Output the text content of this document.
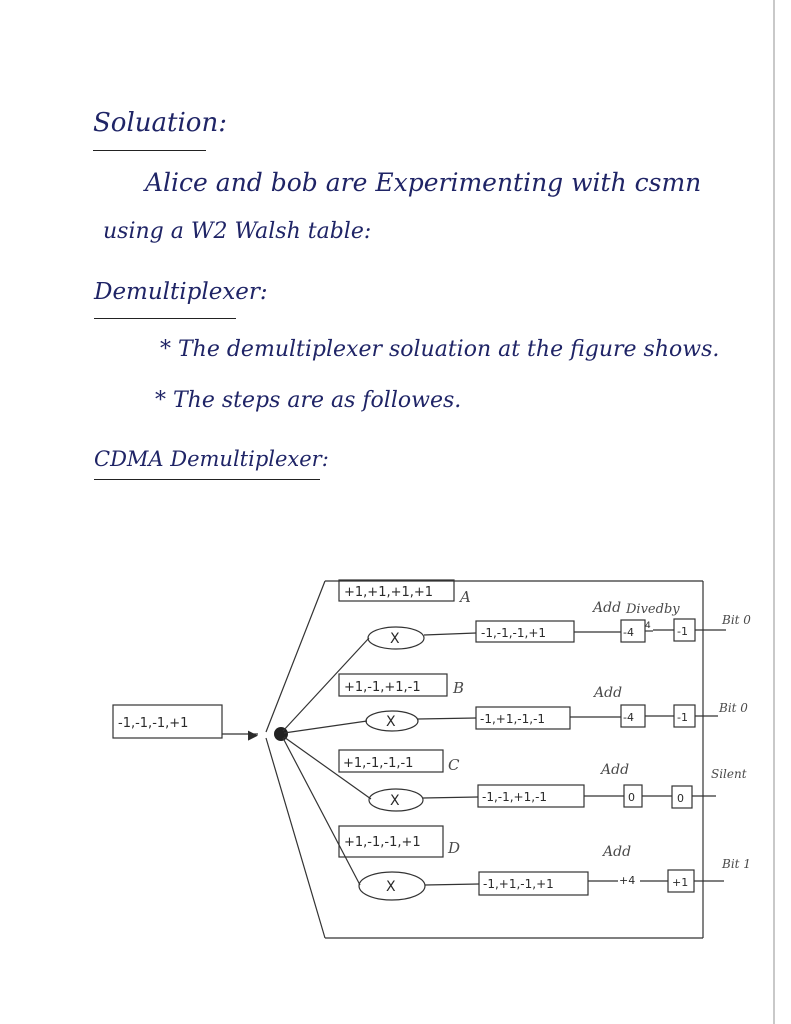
Soluation:
Alice and bob are Experimenting with csmn
using a W2 Walsh table:
Demultiplexer:
* The demultiplexer soluation at the figure shows.
* The steps are as followes.
CDMA Demultiplexer:
-1,-1,-1,+1
▶
Divedby
+1,+1,+1,+1 A
X	-1,-1,-1,+1
Add
-4 4 -1
Bit 0
+1,-1,+1,-1 B
X	-1,+1,-1,-1
Add
-4	-1
Bit 0
+1,-1,-1,-1 C
X	-1,-1,+1,-1
Add
0	0
Silent
+1,-1,-1,+1 D
X	-1,+1,-1,+1
Add
+4	+1
Bit 1
